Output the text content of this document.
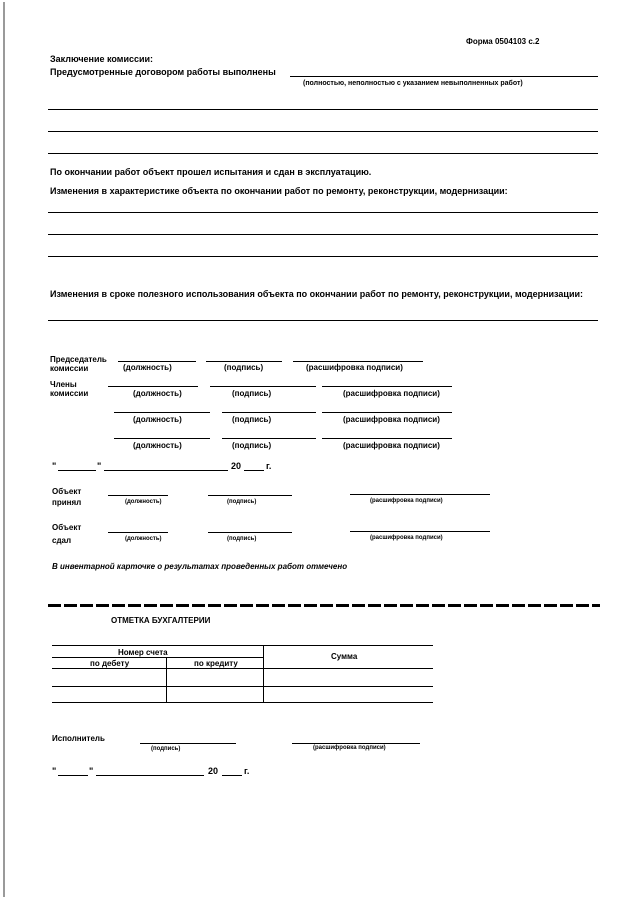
Форма 0504103 с.2
Заключение комиссии:
Предусмотренные договором работы выполнены
(полностью, неполностью с указанием невыполненных работ)
По окончании работ объект прошел испытания и сдан в эксплуатацию.
Изменения в характеристике объекта по окончании работ по ремонту, реконструкции, модернизации:
Изменения в сроке полезного использования объекта по окончании работ по ремонту, реконструкции, модернизации:
Председатель
комиссии	(должность)	(подпись)	(расшифровка подписи)
Члены
комиссии	(должность)	(подпись)	(расшифровка подписи)
(должность)	(подпись)	(расшифровка подписи)
(должность)	(подпись)	(расшифровка подписи)
"	"	20	г.
Объект
принял	(должность)	(подпись)	(расшифровка подписи)
Объект
сдал	(должность)	(подпись)	(расшифровка подписи)
В инвентарной карточке о результатах проведенных работ отмечено
ОТМЕТКА БУХГАЛТЕРИИ
Номер счета	Сумма
по дебету	по кредиту
Исполнитель
(подпись)	(расшифровка подписи)
"	"	20	г.
